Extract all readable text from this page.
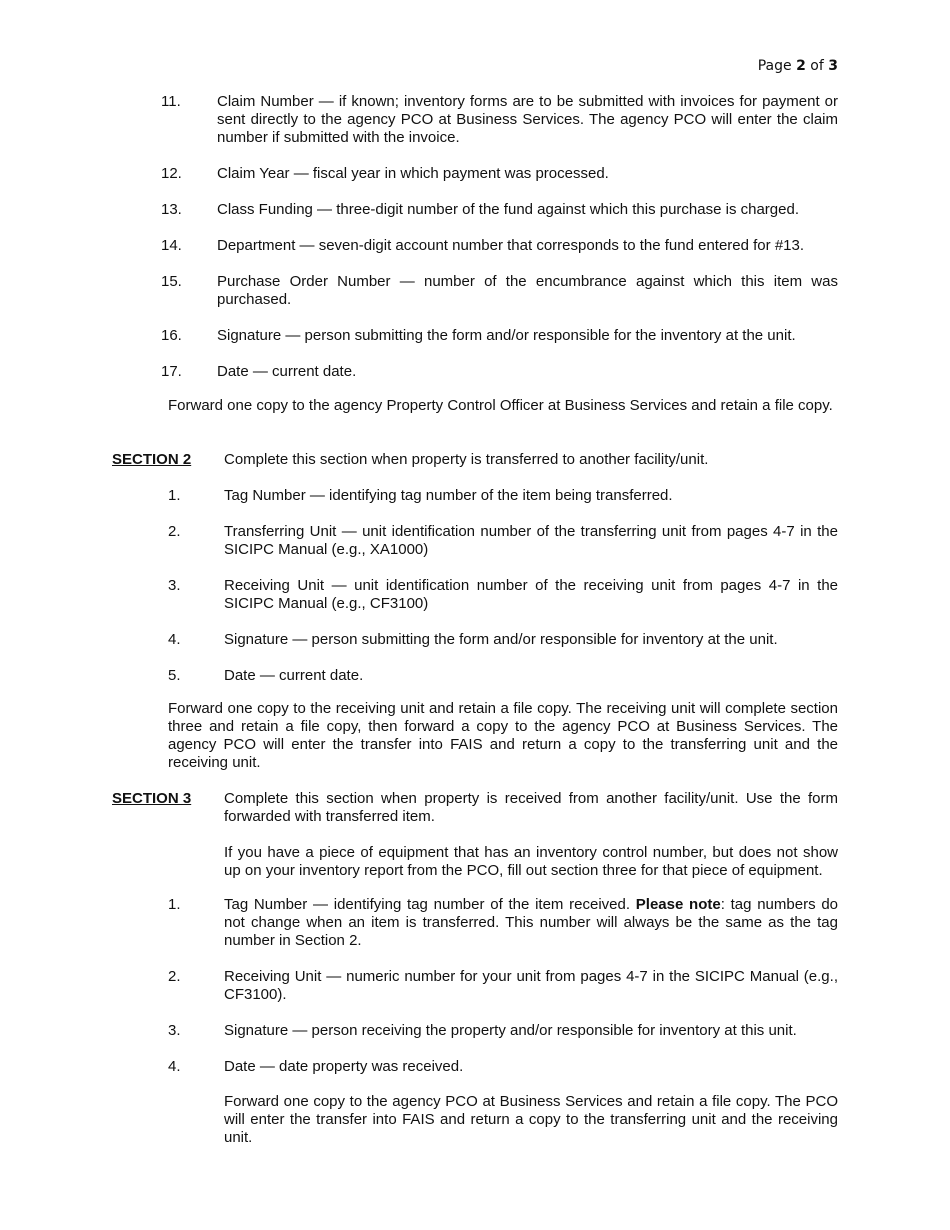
Page 2 of 3
11.	Claim Number — if known; inventory forms are to be submitted with invoices for payment or sent directly to the agency PCO at Business Services. The agency PCO will enter the claim number if submitted with the invoice.
12.	Claim Year — fiscal year in which payment was processed.
13.	Class Funding — three-digit number of the fund against which this purchase is charged.
14.	Department — seven-digit account number that corresponds to the fund entered for #13.
15.	Purchase Order Number — number of the encumbrance against which this item was purchased.
16.	Signature — person submitting the form and/or responsible for the inventory at the unit.
17.	Date — current date.
Forward one copy to the agency Property Control Officer at Business Services and retain a file copy.
SECTION 2	Complete this section when property is transferred to another facility/unit.
1.	Tag Number — identifying tag number of the item being transferred.
2.	Transferring Unit — unit identification number of the transferring unit from pages 4-7 in the SICIPC Manual (e.g., XA1000)
3.	Receiving Unit — unit identification number of the receiving unit from pages 4-7 in the SICIPC Manual (e.g., CF3100)
4.	Signature — person submitting the form and/or responsible for inventory at the unit.
5.	Date — current date.
Forward one copy to the receiving unit and retain a file copy. The receiving unit will complete section three and retain a file copy, then forward a copy to the agency PCO at Business Services. The agency PCO will enter the transfer into FAIS and return a copy to the transferring unit and the receiving unit.
SECTION 3	Complete this section when property is received from another facility/unit. Use the form forwarded with transferred item.
If you have a piece of equipment that has an inventory control number, but does not show up on your inventory report from the PCO, fill out section three for that piece of equipment.
1.	Tag Number — identifying tag number of the item received. Please note: tag numbers do not change when an item is transferred. This number will always be the same as the tag number in Section 2.
2.	Receiving Unit — numeric number for your unit from pages 4-7 in the SICIPC Manual (e.g., CF3100).
3.	Signature — person receiving the property and/or responsible for inventory at this unit.
4.	Date — date property was received.
Forward one copy to the agency PCO at Business Services and retain a file copy. The PCO will enter the transfer into FAIS and return a copy to the transferring unit and the receiving unit.
